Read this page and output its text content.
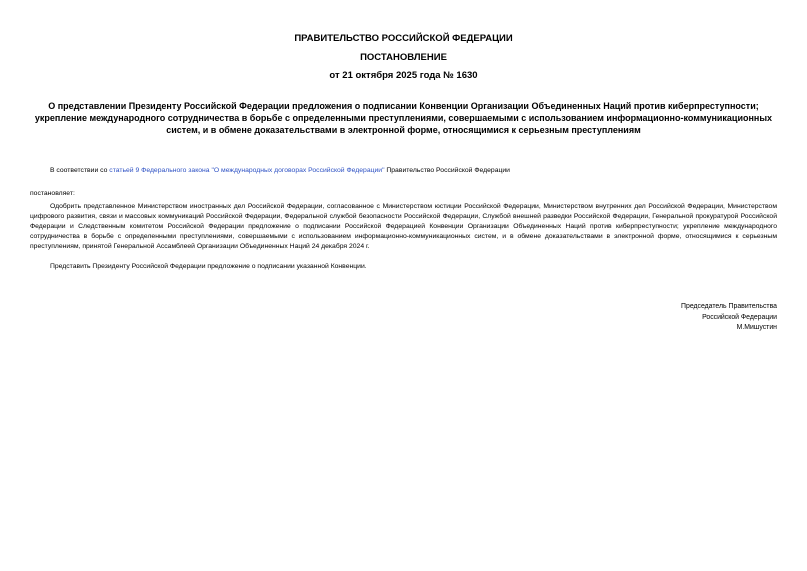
ПРАВИТЕЛЬСТВО РОССИЙСКОЙ ФЕДЕРАЦИИ
ПОСТАНОВЛЕНИЕ
от 21 октября 2025 года № 1630
О представлении Президенту Российской Федерации предложения о подписании Конвенции Организации Объединенных Наций против киберпреступности; укрепление международного сотрудничества в борьбе с определенными преступлениями, совершаемыми с использованием информационно-коммуникационных систем, и в обмене доказательствами в электронной форме, относящимися к серьезным преступлениям

В соответствии со статьей 9 Федерального закона "О международных договорах Российской Федерации" Правительство Российской Федерации

постановляет:

Одобрить представленное Министерством иностранных дел Российской Федерации, согласованное с Министерством юстиции Российской Федерации, Министерством внутренних дел Российской Федерации, Министерством цифрового развития, связи и массовых коммуникаций Российской Федерации, Федеральной службой безопасности Российской Федерации, Службой внешней разведки Российской Федерации, Генеральной прокуратурой Российской Федерации и Следственным комитетом Российской Федерации предложение о подписании Российской Федерацией Конвенции Организации Объединенных Наций против киберпреступности; укрепление международного сотрудничества в борьбе с определенными преступлениями, совершаемыми с использованием информационно-коммуникационных систем, и в обмене доказательствами в электронной форме, относящимися к серьезным преступлениям, принятой Генеральной Ассамблеей Организации Объединенных Наций 24 декабря 2024 г.

Представить Президенту Российской Федерации предложение о подписании указанной Конвенции.

Председатель Правительства
Российской Федерации
М.Мишустин
